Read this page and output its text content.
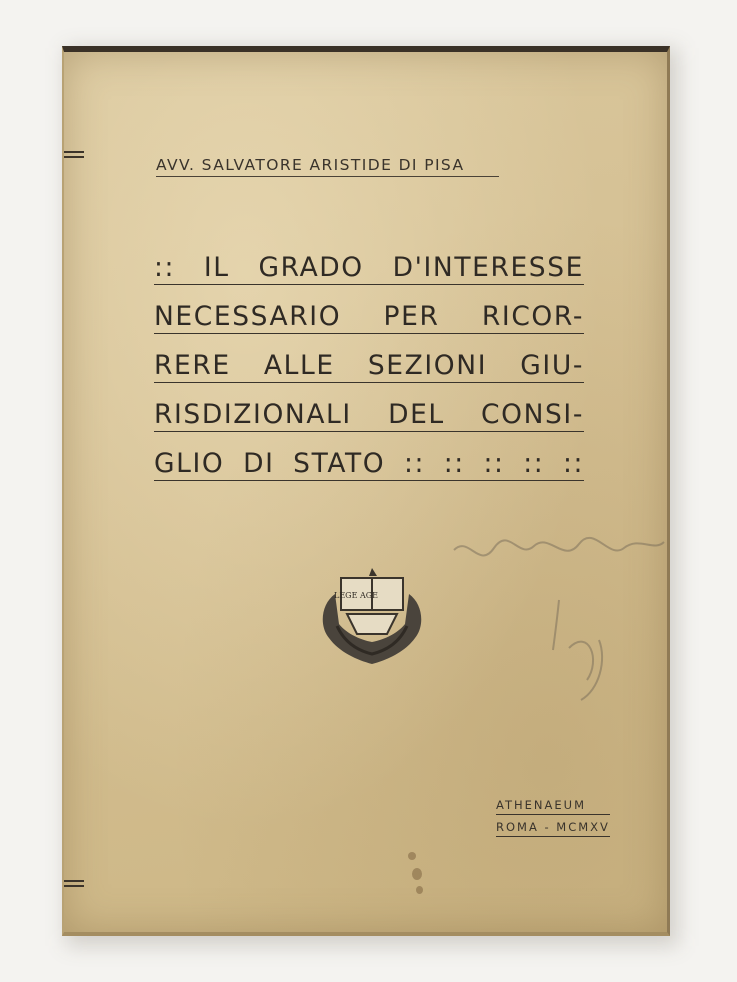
AVV. SALVATORE ARISTIDE DI PISA
:: IL GRADO D'INTERESSE
NECESSARIO PER RICOR-
RERE ALLE SEZIONI GIU-
RISDIZIONALI DEL CONSI-
GLIO DI STATO :: :: :: :: ::
LEGE AGE
ATHENAEUM
ROMA - MCMXV
